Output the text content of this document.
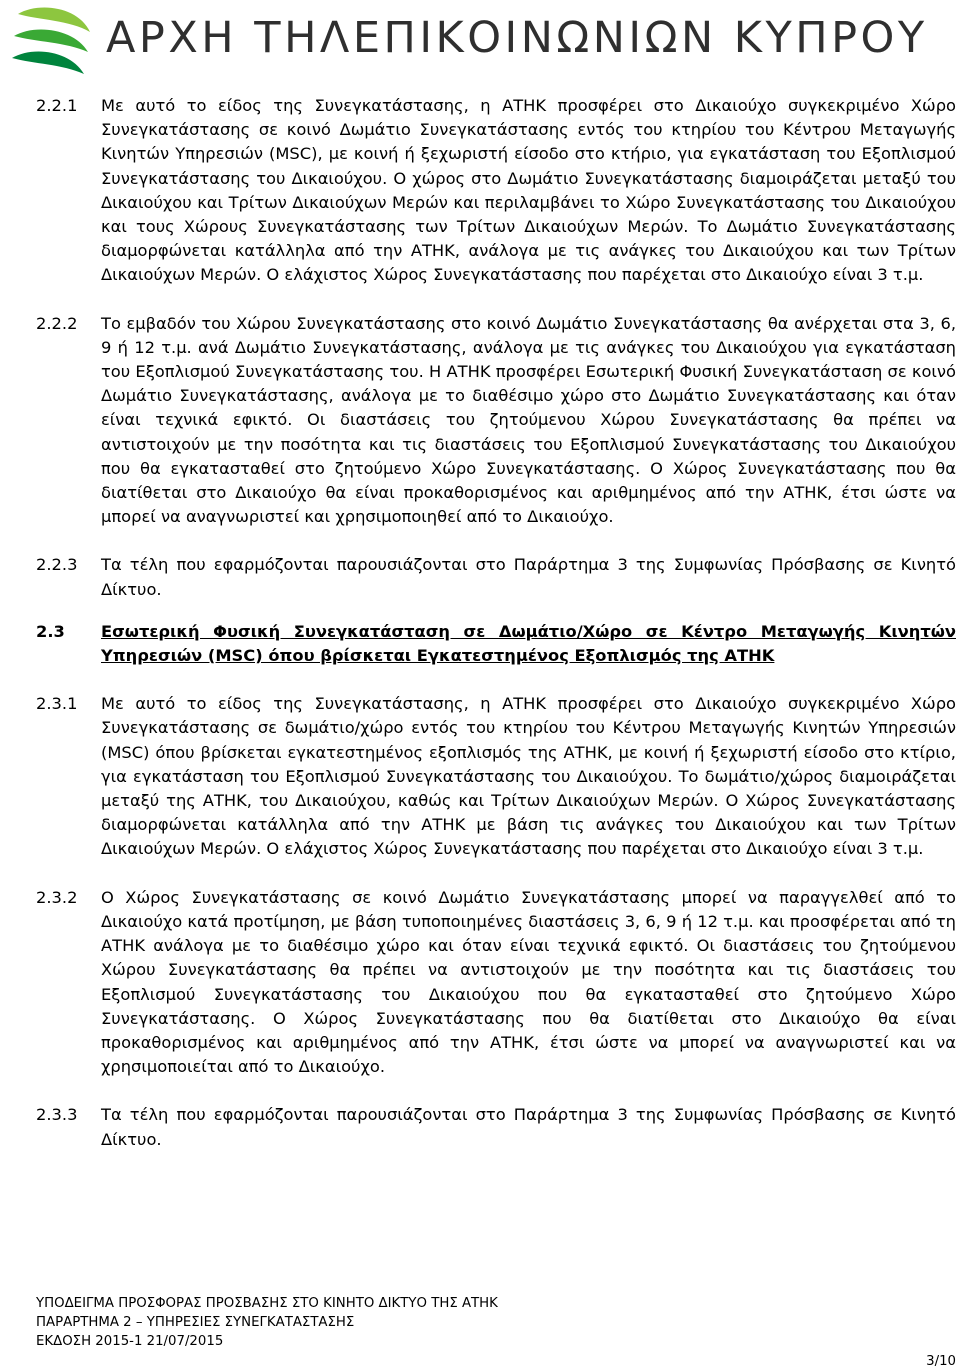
ΑΡΧΗ ΤΗΛΕΠΙΚΟΙΝΩΝΙΩΝ ΚΥΠΡΟΥ
2.2.1	Με αυτό το είδος της Συνεγκατάστασης, η ΑΤΗΚ προσφέρει στο Δικαιούχο συγκεκριμένο Χώρο Συνεγκατάστασης σε κοινό Δωμάτιο Συνεγκατάστασης εντός του κτηρίου του Κέντρου Μεταγωγής Κινητών Υπηρεσιών (MSC), με κοινή ή ξεχωριστή είσοδο στο κτήριο, για εγκατάσταση του Εξοπλισμού Συνεγκατάστασης του Δικαιούχου. Ο χώρος στο Δωμάτιο Συνεγκατάστασης διαμοιράζεται μεταξύ του Δικαιούχου και Τρίτων Δικαιούχων Μερών και περιλαμβάνει το Χώρο Συνεγκατάστασης του Δικαιούχου και τους Χώρους Συνεγκατάστασης των Τρίτων Δικαιούχων Μερών. Το Δωμάτιο Συνεγκατάστασης διαμορφώνεται κατάλληλα από την ΑΤΗΚ, ανάλογα με τις ανάγκες του Δικαιούχου και των Τρίτων Δικαιούχων Μερών. Ο ελάχιστος Χώρος Συνεγκατάστασης που παρέχεται στο Δικαιούχο είναι 3 τ.μ.
2.2.2	Το εμβαδόν του Χώρου Συνεγκατάστασης στο κοινό Δωμάτιο Συνεγκατάστασης θα ανέρχεται στα 3, 6, 9 ή 12 τ.μ. ανά Δωμάτιο Συνεγκατάστασης, ανάλογα με τις ανάγκες του Δικαιούχου για εγκατάσταση του Εξοπλισμού Συνεγκατάστασης του. Η ΑΤΗΚ προσφέρει Εσωτερική Φυσική Συνεγκατάσταση σε κοινό Δωμάτιο Συνεγκατάστασης, ανάλογα με το διαθέσιμο χώρο στο Δωμάτιο Συνεγκατάστασης και όταν είναι τεχνικά εφικτό. Οι διαστάσεις του ζητούμενου Χώρου Συνεγκατάστασης θα πρέπει να αντιστοιχούν με την ποσότητα και τις διαστάσεις του Εξοπλισμού Συνεγκατάστασης του Δικαιούχου που θα εγκατασταθεί στο ζητούμενο Χώρο Συνεγκατάστασης. Ο Χώρος Συνεγκατάστασης που θα διατίθεται στο Δικαιούχο θα είναι προκαθορισμένος και αριθμημένος από την ΑΤΗΚ, έτσι ώστε να μπορεί να αναγνωριστεί και χρησιμοποιηθεί από το Δικαιούχο.
2.2.3	Τα τέλη που εφαρμόζονται παρουσιάζονται στο Παράρτημα 3 της Συμφωνίας Πρόσβασης σε Κινητό Δίκτυο.
2.3	Εσωτερική Φυσική Συνεγκατάσταση σε Δωμάτιο/Χώρο σε Κέντρο Μεταγωγής Κινητών Υπηρεσιών (MSC) όπου βρίσκεται Εγκατεστημένος Εξοπλισμός της ΑΤΗΚ
2.3.1	Με αυτό το είδος της Συνεγκατάστασης, η ΑΤΗΚ προσφέρει στο Δικαιούχο συγκεκριμένο Χώρο Συνεγκατάστασης σε δωμάτιο/χώρο εντός του κτηρίου του Κέντρου Μεταγωγής Κινητών Υπηρεσιών (MSC) όπου βρίσκεται εγκατεστημένος εξοπλισμός της ΑΤΗΚ, με κοινή ή ξεχωριστή είσοδο στο κτίριο, για εγκατάσταση του Εξοπλισμού Συνεγκατάστασης του Δικαιούχου. Το δωμάτιο/χώρος διαμοιράζεται μεταξύ της ΑΤΗΚ, του Δικαιούχου, καθώς και Τρίτων Δικαιούχων Μερών. Ο Χώρος Συνεγκατάστασης διαμορφώνεται κατάλληλα από την ΑΤΗΚ με βάση τις ανάγκες του Δικαιούχου και των Τρίτων Δικαιούχων Μερών. Ο ελάχιστος Χώρος Συνεγκατάστασης που παρέχεται στο Δικαιούχο είναι 3 τ.μ.
2.3.2	Ο Χώρος Συνεγκατάστασης σε κοινό Δωμάτιο Συνεγκατάστασης μπορεί να παραγγελθεί από το Δικαιούχο κατά προτίμηση, με βάση τυποποιημένες διαστάσεις 3, 6, 9 ή 12 τ.μ. και προσφέρεται από τη ΑΤΗΚ ανάλογα με το διαθέσιμο χώρο και όταν είναι τεχνικά εφικτό. Οι διαστάσεις του ζητούμενου Χώρου Συνεγκατάστασης θα πρέπει να αντιστοιχούν με την ποσότητα και τις διαστάσεις του Εξοπλισμού Συνεγκατάστασης του Δικαιούχου που θα εγκατασταθεί στο ζητούμενο Χώρο Συνεγκατάστασης. Ο Χώρος Συνεγκατάστασης που θα διατίθεται στο Δικαιούχο θα είναι προκαθορισμένος και αριθμημένος από την ΑΤΗΚ, έτσι ώστε να μπορεί να αναγνωριστεί και να χρησιμοποιείται από το Δικαιούχο.
2.3.3	Τα τέλη που εφαρμόζονται παρουσιάζονται στο Παράρτημα 3 της Συμφωνίας Πρόσβασης σε Κινητό Δίκτυο.
ΥΠΟΔΕΙΓΜΑ ΠΡΟΣΦΟΡΑΣ ΠΡΟΣΒΑΣΗΣ ΣΤΟ ΚΙΝΗΤΟ ΔΙΚΤΥΟ ΤΗΣ ΑΤΗΚ
ΠΑΡΑΡΤΗΜΑ 2 – ΥΠΗΡΕΣΙΕΣ ΣΥΝΕΓΚΑΤΑΣΤΑΣΗΣ
ΕΚΔΟΣΗ 2015-1 21/07/2015
3/10
